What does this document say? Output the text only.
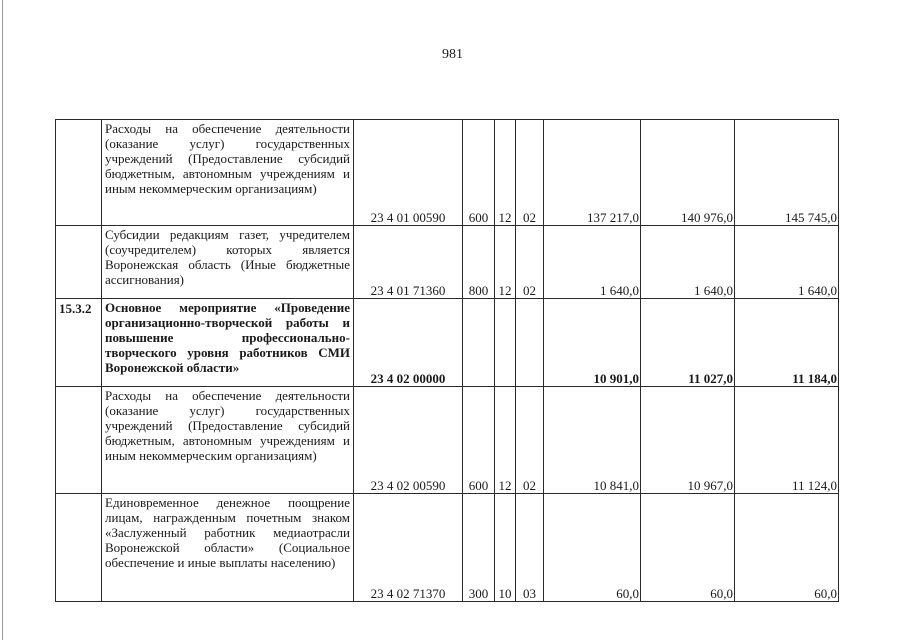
981
	Расходы на обеспечение деятельности (оказание услуг) государственных учреждений (Предоставление субсидий бюджетным, автономным учреждениям и иным некоммерческим организациям)	23 4 01 00590	600	12	02	137 217,0	140 976,0	145 745,0
	Субсидии редакциям газет, учредителем (соучредителем) которых является Воронежская область (Иные бюджетные ассигнования)	23 4 01 71360	800	12	02	1 640,0	1 640,0	1 640,0
15.3.2	Основное мероприятие «Проведение организационно-творческой работы и повышение профессионально-творческого уровня работников СМИ Воронежской области»	23 4 02 00000				10 901,0	11 027,0	11 184,0
	Расходы на обеспечение деятельности (оказание услуг) государственных учреждений (Предоставление субсидий бюджетным, автономным учреждениям и иным некоммерческим организациям)	23 4 02 00590	600	12	02	10 841,0	10 967,0	11 124,0
	Единовременное денежное поощрение лицам, награжденным почетным знаком «Заслуженный работник медиаотрасли Воронежской области» (Социальное обеспечение и иные выплаты населению)	23 4 02 71370	300	10	03	60,0	60,0	60,0
